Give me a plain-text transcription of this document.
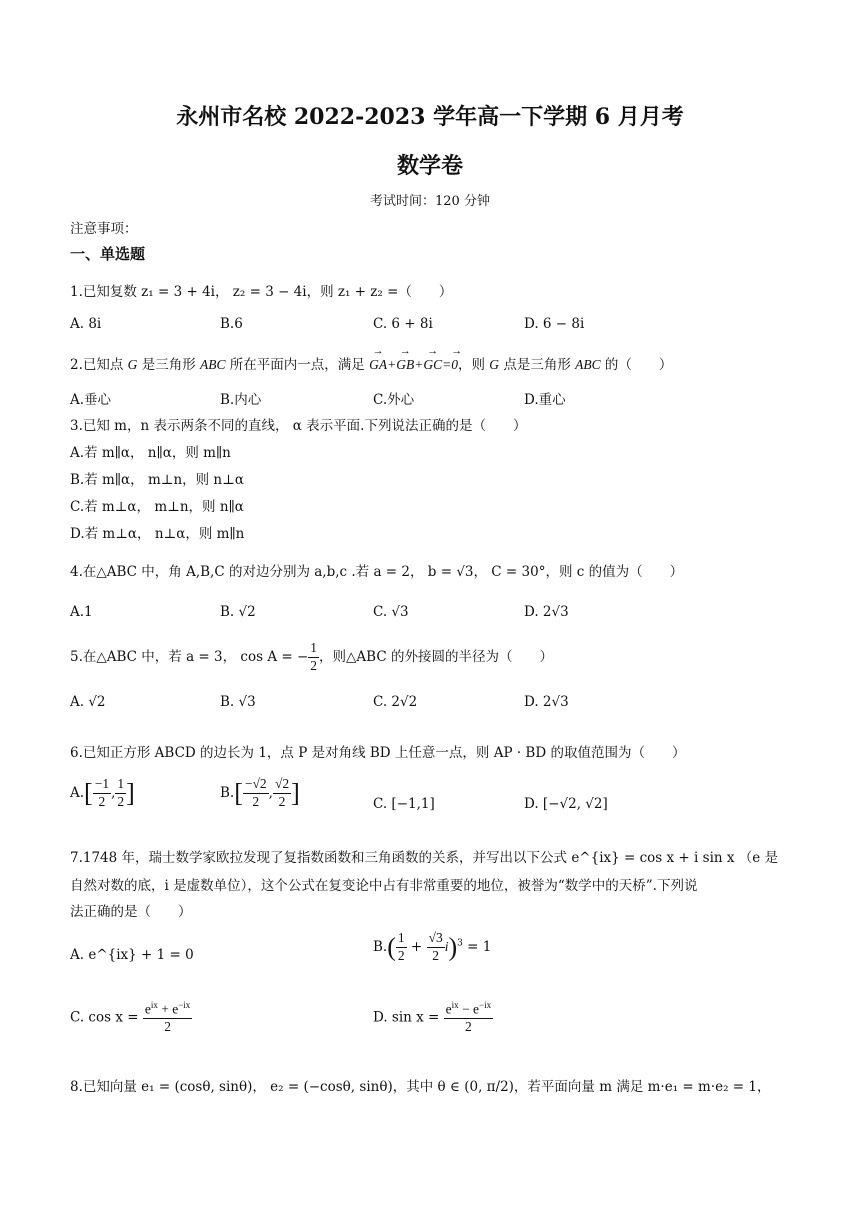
永州市名校 2022-2023 学年高一下学期 6 月月考
数学卷
考试时间：120 分钟
注意事项：
一、单选题
1.已知复数 z₁ = 3 + 4i， z₂ = 3 − 4i，则 z₁ + z₂ =（　　）
A. 8i	B.6	C. 6 + 8i	D. 6 − 8i
2.已知点 G 是三角形 ABC 所在平面内一点，满足 → GA+→ GB+→ GC=→ 0，则 G 点是三角形 ABC 的（　　）
A.垂心	B.内心	C.外心	D.重心
3.已知 m，n 表示两条不同的直线， α 表示平面.下列说法正确的是（　　）
A.若 m∥α， n∥α，则 m∥n
B.若 m∥α， m⊥n，则 n⊥α
C.若 m⊥α， m⊥n，则 n∥α
D.若 m⊥α， n⊥α，则 m∥n
4.在△ABC 中，角 A,B,C 的对边分别为 a,b,c .若 a = 2， b = √3， C = 30°，则 c 的值为（　　）
A.1	B. √2	C. √3	D. 2√3
5.在△ABC 中，若 a = 3， cos A = − $\frac{1}{2}$ ，则△ABC 的外接圆的半径为（　　）
A. √2	B. √3	C. 2√2	D. 2√3
6.已知正方形 ABCD 的边长为 1，点 P 是对角线 BD 上任意一点，则 AP · BD 的取值范围为（　　）
$A.[ \frac{-1}{2}$ , $\frac{1}{2}$ ]	$B.[ \frac{-√2}{2}$ , $\frac{√2}{2}$ ]	C. [−1,1]	D. [−√2, √2]
7.1748 年，瑞士数学家欧拉发现了复指数函数和三角函数的关系，并写出以下公式 e^{ix} = cos x + i sin x （e 是
自然对数的底，i 是虚数单位），这个公式在复变论中占有非常重要的地位，被誉为“数学中的天桥”.下列说
法正确的是（　　）
A. e^{ix} + 1 = 0
$B.( \frac{1}{2} + \frac{√3}{2} i)^3 = 1$
C. $\cos x = \frac{e^{ix} + e^{-ix}}{2}$	D. $\sin x = \frac{e^{ix} - e^{-ix}}{2}$
8.已知向量 e₁ = (cosθ, sinθ)， e₂ = (−cosθ, sinθ)，其中 θ ∈ (0, π/2)，若平面向量 m 满足 m·e₁ = m·e₂ = 1，
